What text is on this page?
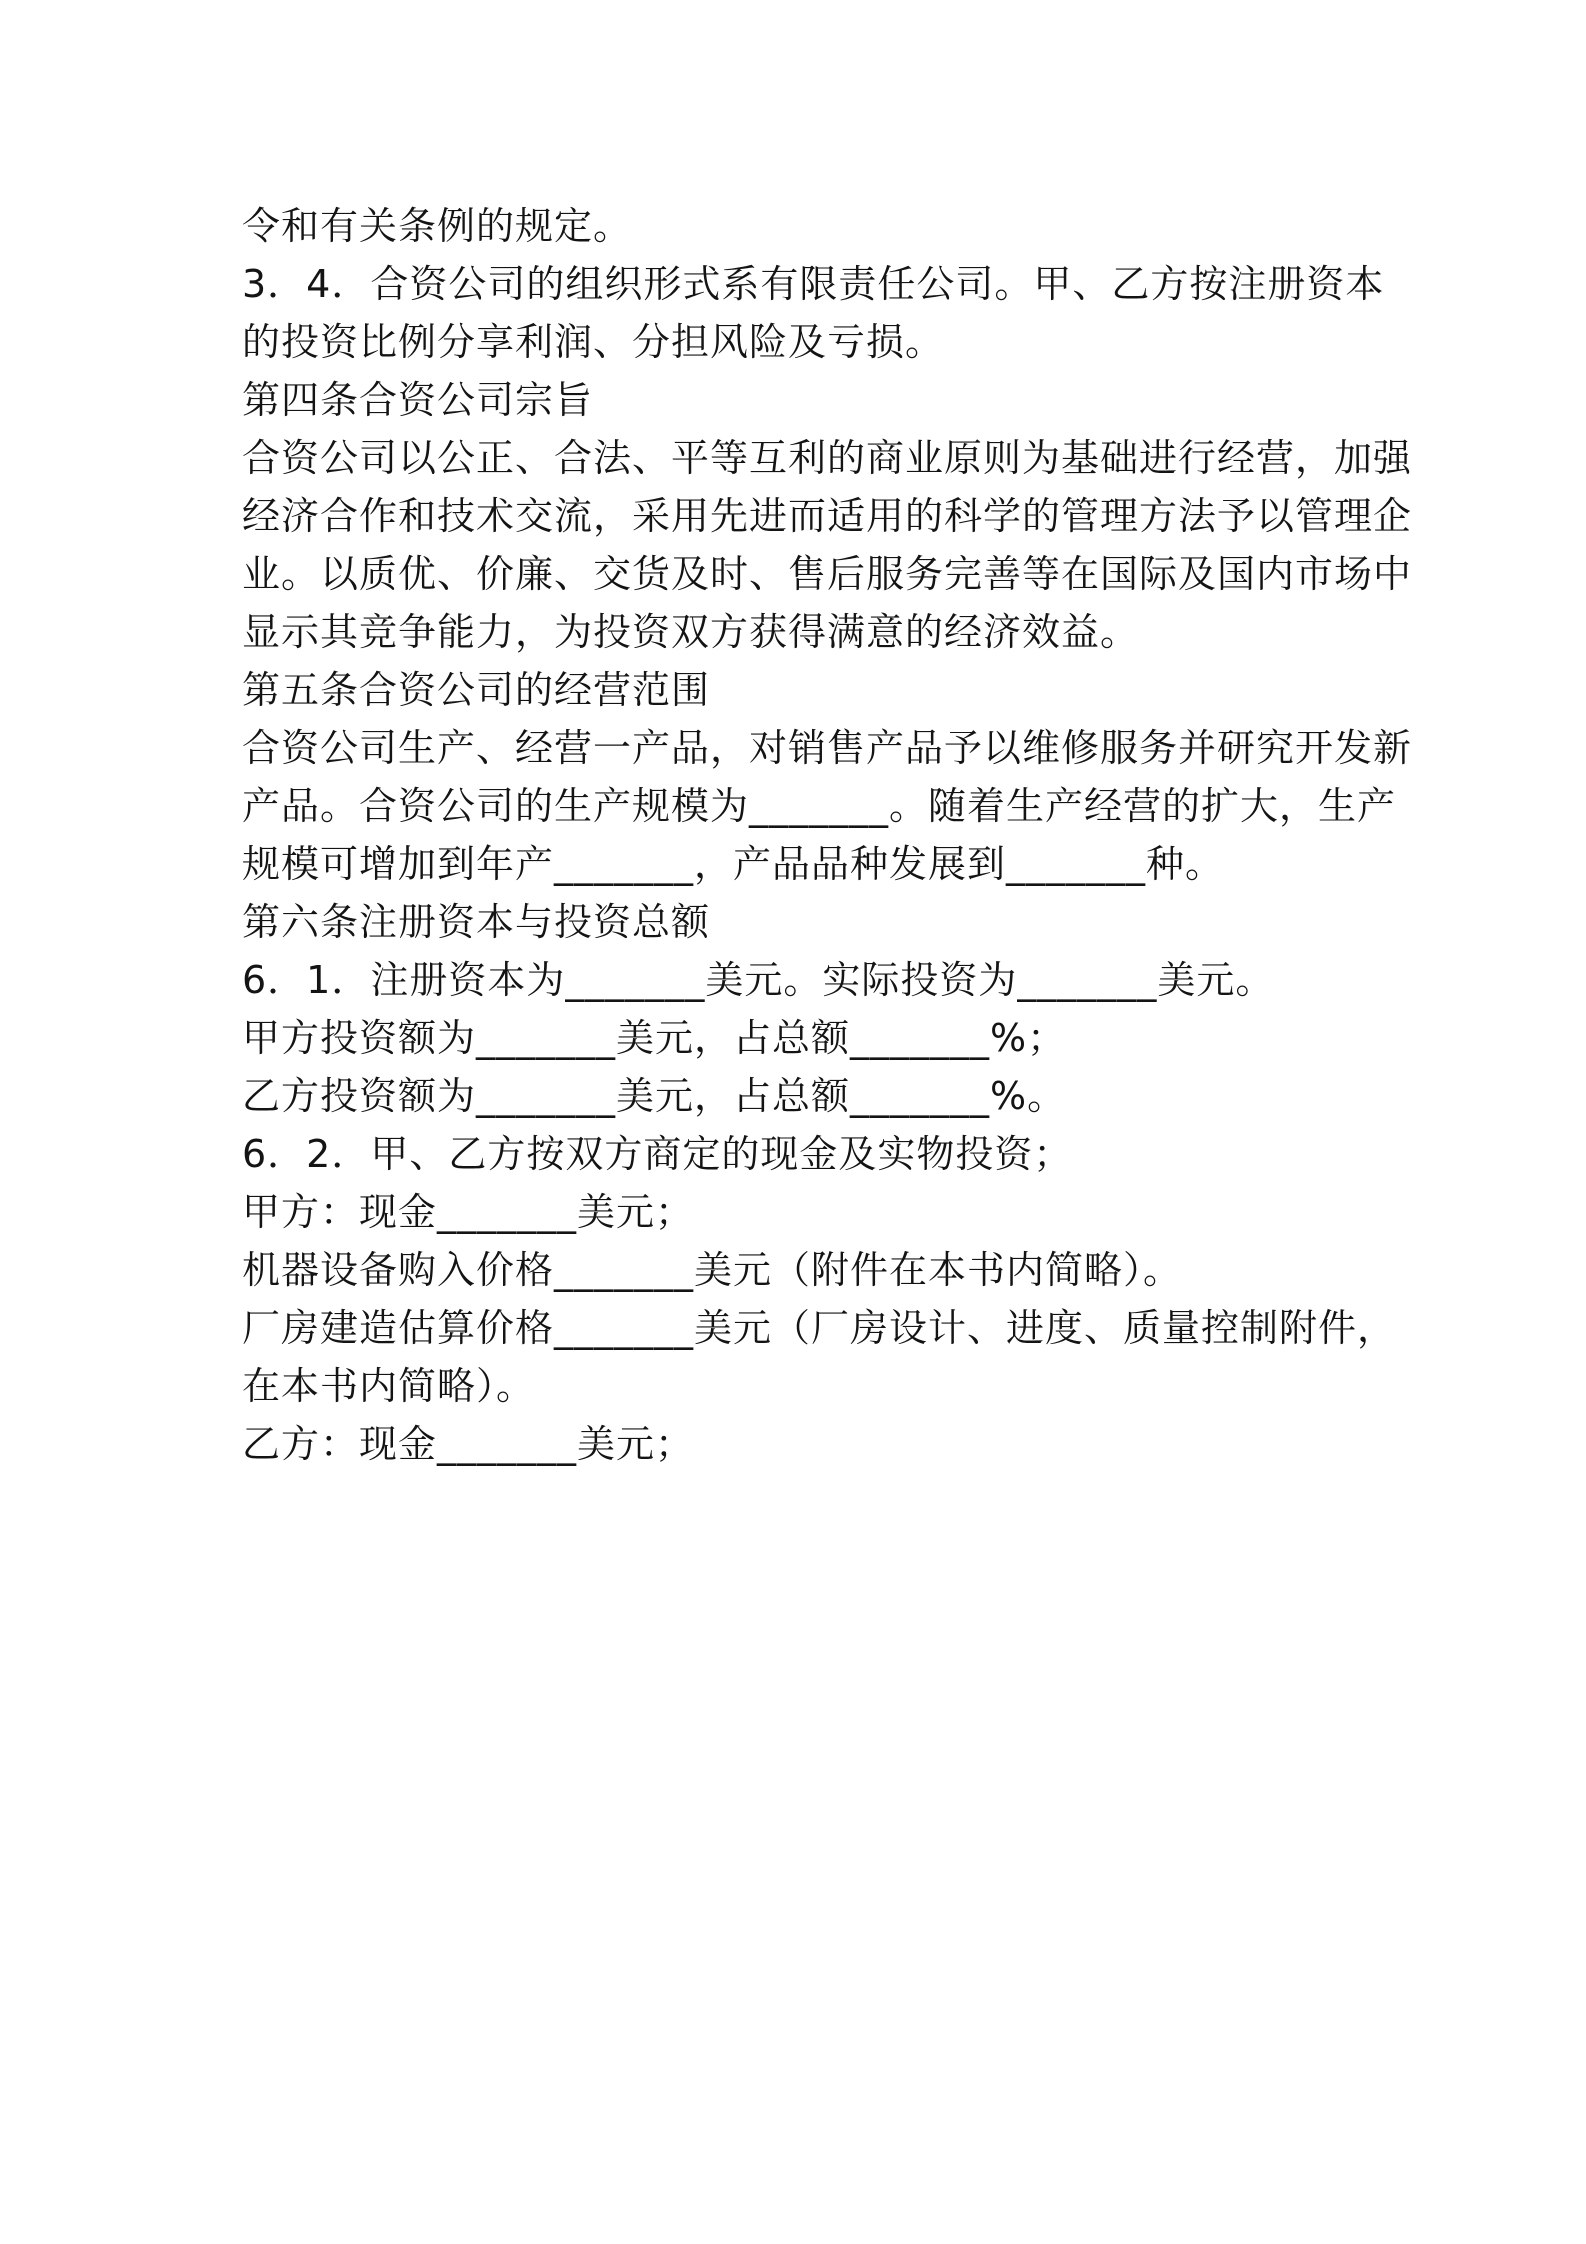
令和有关条例的规定。
3．4．合资公司的组织形式系有限责任公司。甲、乙方按注册资本
的投资比例分享利润、分担风险及亏损。
第四条合资公司宗旨
合资公司以公正、合法、平等互利的商业原则为基础进行经营，加强
经济合作和技术交流，采用先进而适用的科学的管理方法予以管理企
业。以质优、价廉、交货及时、售后服务完善等在国际及国内市场中
显示其竞争能力，为投资双方获得满意的经济效益。
第五条合资公司的经营范围
合资公司生产、经营一产品，对销售产品予以维修服务并研究开发新
产品。合资公司的生产规模为_______。随着生产经营的扩大，生产
规模可增加到年产_______，产品品种发展到_______种。
第六条注册资本与投资总额
6．1．注册资本为_______美元。实际投资为_______美元。
甲方投资额为_______美元，占总额_______%；
乙方投资额为_______美元，占总额_______%。
6．2．甲、乙方按双方商定的现金及实物投资；
甲方：现金_______美元；
机器设备购入价格_______美元（附件在本书内简略）。
厂房建造估算价格_______美元（厂房设计、进度、质量控制附件，
在本书内简略）。
乙方：现金_______美元；
